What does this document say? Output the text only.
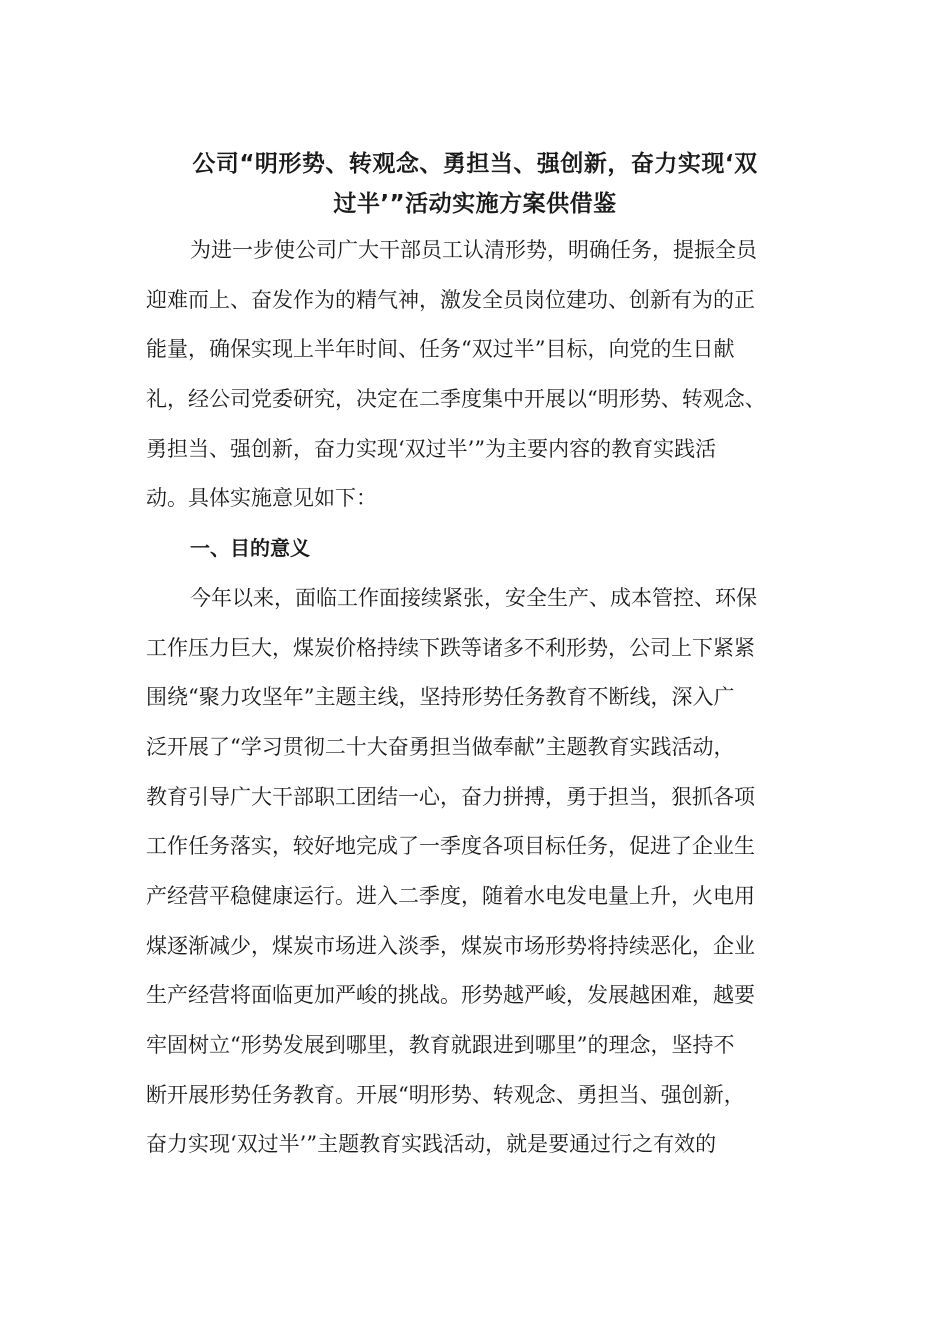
公司“明形势、转观念、勇担当、强创新，奋力实现‘双
过半’”活动实施方案供借鉴
为进一步使公司广大干部员工认清形势，明确任务，提振全员
迎难而上、奋发作为的精气神，激发全员岗位建功、创新有为的正
能量，确保实现上半年时间、任务“双过半”目标，向党的生日献
礼，经公司党委研究，决定在二季度集中开展以“明形势、转观念、
勇担当、强创新，奋力实现‘双过半’”为主要内容的教育实践活
动。具体实施意见如下：
一、目的意义
今年以来，面临工作面接续紧张，安全生产、成本管控、环保
工作压力巨大，煤炭价格持续下跌等诸多不利形势，公司上下紧紧
围绕“聚力攻坚年”主题主线，坚持形势任务教育不断线，深入广
泛开展了“学习贯彻二十大奋勇担当做奉献”主题教育实践活动，
教育引导广大干部职工团结一心，奋力拼搏，勇于担当，狠抓各项
工作任务落实，较好地完成了一季度各项目标任务，促进了企业生
产经营平稳健康运行。进入二季度，随着水电发电量上升，火电用
煤逐渐减少，煤炭市场进入淡季，煤炭市场形势将持续恶化，企业
生产经营将面临更加严峻的挑战。形势越严峻，发展越困难，越要
牢固树立“形势发展到哪里，教育就跟进到哪里”的理念，坚持不
断开展形势任务教育。开展“明形势、转观念、勇担当、强创新，
奋力实现‘双过半’”主题教育实践活动，就是要通过行之有效的
